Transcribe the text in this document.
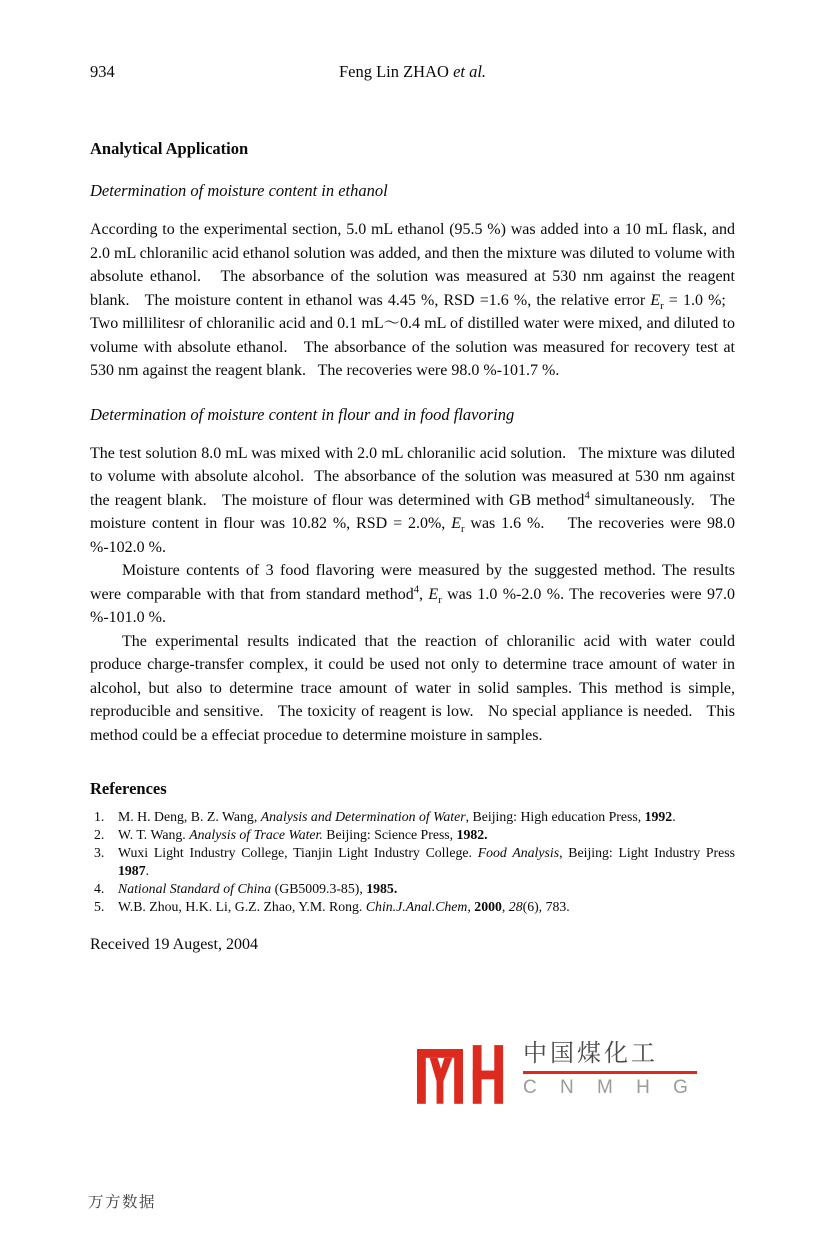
934	Feng Lin ZHAO et al.
Analytical Application
Determination of moisture content in ethanol

According to the experimental section, 5.0 mL ethanol (95.5 %) was added into a 10 mL flask, and 2.0 mL chloranilic acid ethanol solution was added, and then the mixture was diluted to volume with absolute ethanol.   The absorbance of the solution was measured at 530 nm against the reagent blank.   The moisture content in ethanol was 4.45 %, RSD =1.6 %, the relative error $E_r = 1.0$ %;   Two millilitesr of chloranilic acid and 0.1 mL～0.4 mL of distilled water were mixed, and diluted to volume with absolute ethanol.   The absorbance of the solution was measured for recovery test at 530 nm against the reagent blank.   The recoveries were 98.0 %-101.7 %.

Determination of moisture content in flour and in food flavoring

The test solution 8.0 mL was mixed with 2.0 mL chloranilic acid solution.   The mixture was diluted to volume with absolute alcohol.  The absorbance of the solution was measured at 530 nm against the reagent blank.   The moisture of flour was determined with GB method$^4$ simultaneously.   The moisture content in flour was 10.82 %, RSD = 2.0%, $E_r$ was 1.6 %.    The recoveries were 98.0 %-102.0 %.

Moisture contents of 3 food flavoring were measured by the suggested method. The results were comparable with that from standard method$^4$, $E_r$ was 1.0 %-2.0 %. The recoveries were 97.0 %-101.0 %.

The experimental results indicated that the reaction of chloranilic acid with water could produce charge-transfer complex, it could be used not only to determine trace amount of water in alcohol, but also to determine trace amount of water in solid samples. This method is simple, reproducible and sensitive.   The toxicity of reagent is low.   No special appliance is needed.   This method could be a effeciat procedue to determine moisture in samples.

References
1. M. H. Deng, B. Z. Wang, Analysis and Determination of Water, Beijing: High education Press, 1992.
2. W. T. Wang. Analysis of Trace Water. Beijing: Science Press, 1982.
3. Wuxi Light Industry College, Tianjin Light Industry College. Food Analysis, Beijing: Light Industry Press 1987.
4. National Standard of China (GB5009.3-85), 1985.
5. W.B. Zhou, H.K. Li, G.Z. Zhao, Y.M. Rong. Chin.J.Anal.Chem, 2000, 28(6), 783.

Received 19 Augest, 2004

中国煤化工
C N M H G
万方数据
